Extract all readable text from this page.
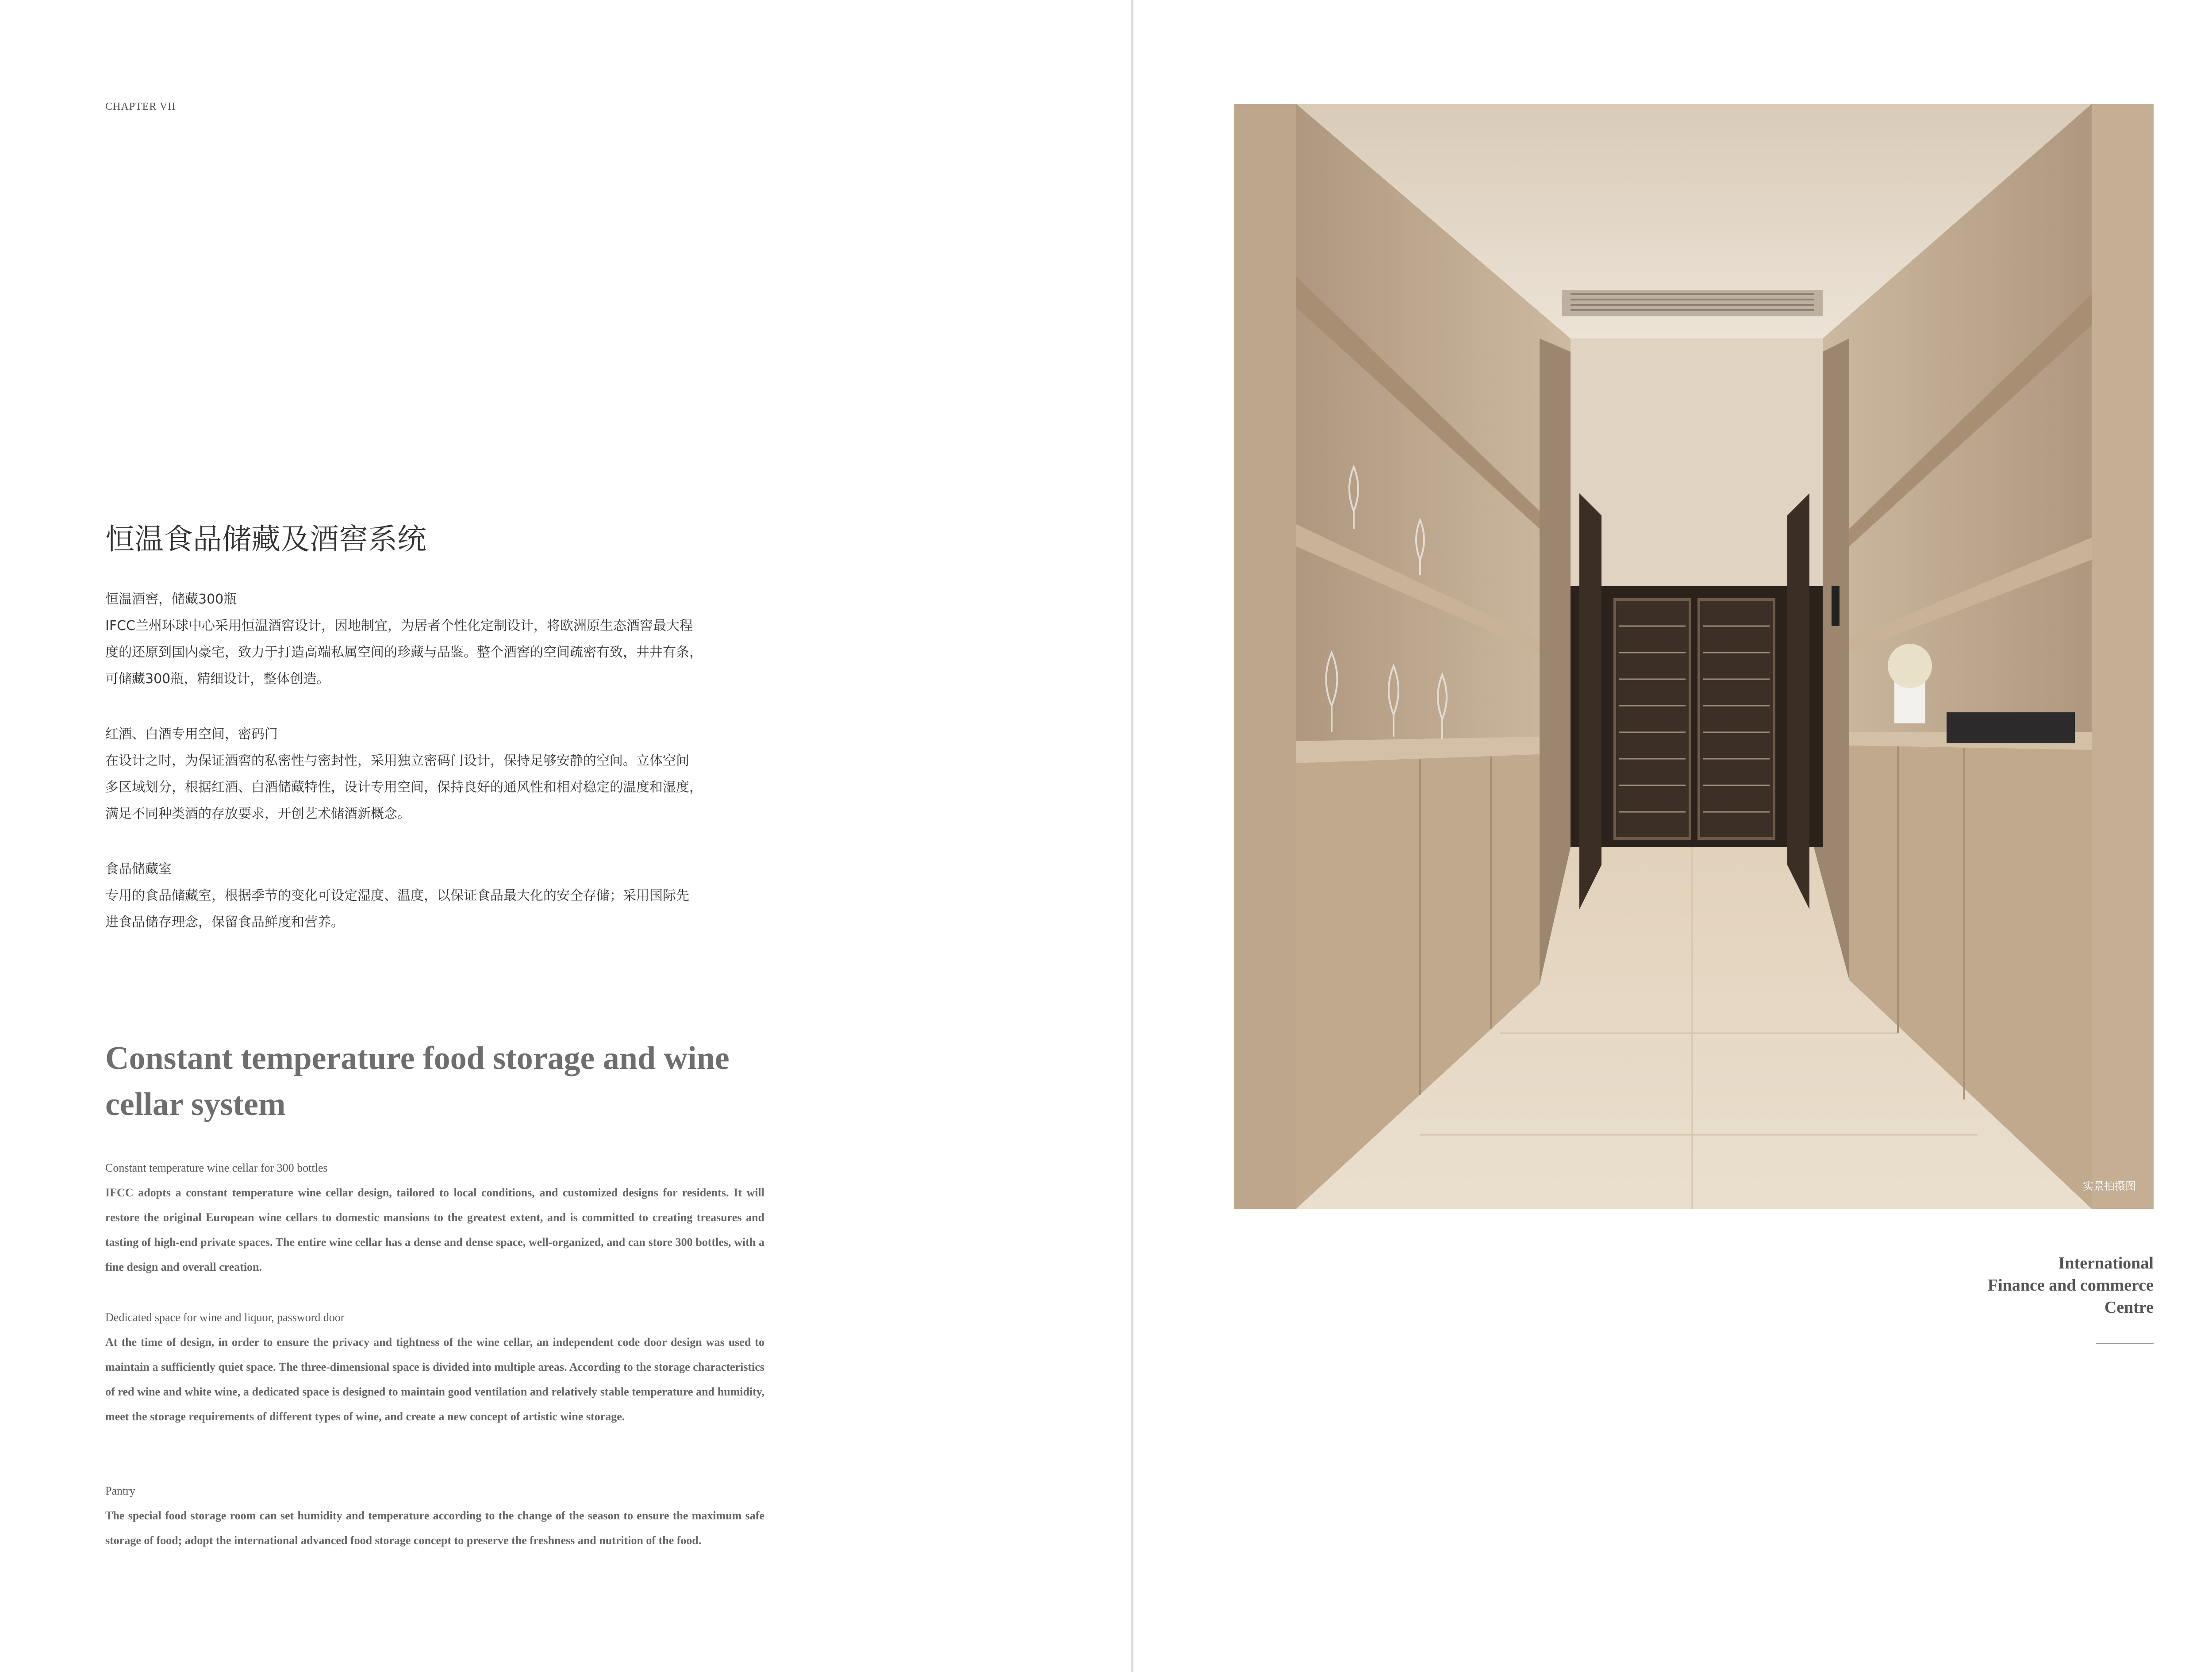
CHAPTER VII
恒温食品储藏及酒窖系统

恒温酒窖，储藏300瓶

IFCC兰州环球中心采用恒温酒窖设计，因地制宜，为居者个性化定制设计，将欧洲原生态酒窖最大程

度的还原到国内豪宅，致力于打造高端私属空间的珍藏与品鉴。整个酒窖的空间疏密有致，井井有条，

可储藏300瓶，精细设计，整体创造。

红酒、白酒专用空间，密码门

在设计之时，为保证酒窖的私密性与密封性，采用独立密码门设计，保持足够安静的空间。立体空间

多区域划分，根据红酒、白酒储藏特性，设计专用空间，保持良好的通风性和相对稳定的温度和湿度，

满足不同种类酒的存放要求，开创艺术储酒新概念。

食品储藏室

专用的食品储藏室，根据季节的变化可设定湿度、温度，以保证食品最大化的安全存储；采用国际先

进食品储存理念，保留食品鲜度和营养。

Constant temperature food storage and wine cellar system

Constant temperature wine cellar for 300 bottles

IFCC adopts a constant temperature wine cellar design, tailored to local conditions, and customized designs for residents. It will restore the original European wine cellars to domestic mansions to the greatest extent, and is committed to creating treasures and tasting of high-end private spaces. The entire wine cellar has a dense and dense space, well-organized, and can store 300 bottles, with a fine design and overall creation.

Dedicated space for wine and liquor, password door

At the time of design, in order to ensure the privacy and tightness of the wine cellar, an independent code door design was used to maintain a sufficiently quiet space. The three-dimensional space is divided into multiple areas. According to the storage characteristics of red wine and white wine, a dedicated space is designed to maintain good ventilation and relatively stable temperature and humidity, meet the storage requirements of different types of wine, and create a new concept of artistic wine storage.

Pantry

The special food storage room can set humidity and temperature according to the change of the season to ensure the maximum safe storage of food; adopt the international advanced food storage concept to preserve the freshness and nutrition of the food.

实景拍摄图
International
Finance and commerce
Centre
